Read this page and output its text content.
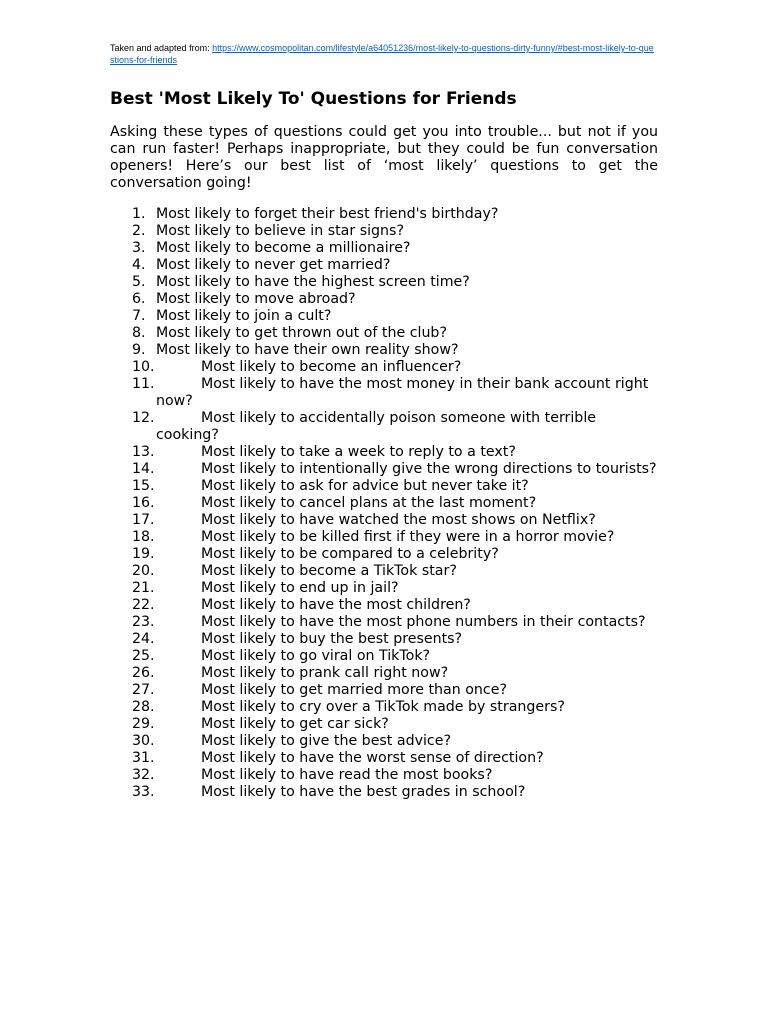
Taken and adapted from: https://www.cosmopolitan.com/lifestyle/a64051236/most-likely-to-questions-dirty-funny/#best-most-likely-to-questions-for-friends

Best 'Most Likely To' Questions for Friends

Asking these types of questions could get you into trouble... but not if you can run faster! Perhaps inappropriate, but they could be fun conversation openers! Here’s our best list of ‘most likely’ questions to get the conversation going!

1. Most likely to forget their best friend's birthday?
2. Most likely to believe in star signs?
3. Most likely to become a millionaire?
4. Most likely to never get married?
5. Most likely to have the highest screen time?
6. Most likely to move abroad?
7. Most likely to join a cult?
8. Most likely to get thrown out of the club?
9. Most likely to have their own reality show?
10.	Most likely to become an influencer?
11.	Most likely to have the most money in their bank account right now?
12.	Most likely to accidentally poison someone with terrible cooking?
13.	Most likely to take a week to reply to a text?
14.	Most likely to intentionally give the wrong directions to tourists?
15.	Most likely to ask for advice but never take it?
16.	Most likely to cancel plans at the last moment?
17.	Most likely to have watched the most shows on Netflix?
18.	Most likely to be killed first if they were in a horror movie?
19.	Most likely to be compared to a celebrity?
20.	Most likely to become a TikTok star?
21.	Most likely to end up in jail?
22.	Most likely to have the most children?
23.	Most likely to have the most phone numbers in their contacts?
24.	Most likely to buy the best presents?
25.	Most likely to go viral on TikTok?
26.	Most likely to prank call right now?
27.	Most likely to get married more than once?
28.	Most likely to cry over a TikTok made by strangers?
29.	Most likely to get car sick?
30.	Most likely to give the best advice?
31.	Most likely to have the worst sense of direction?
32.	Most likely to have read the most books?
33.	Most likely to have the best grades in school?
